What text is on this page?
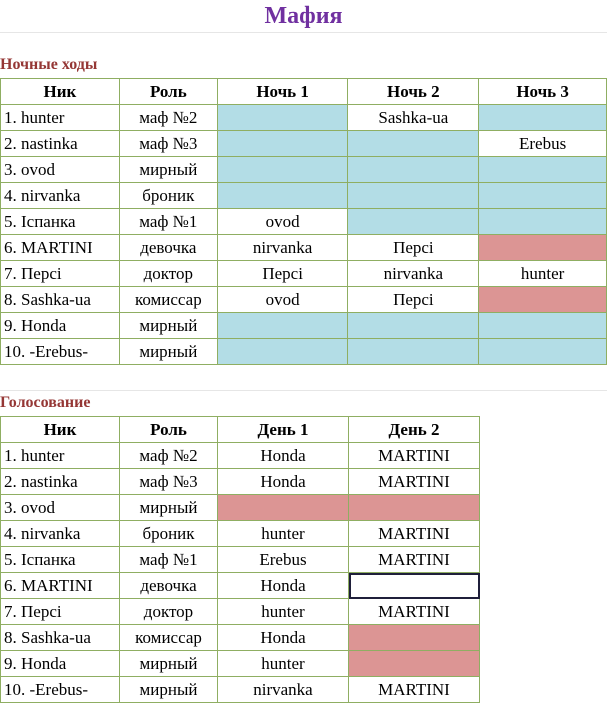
Мафия
Ночные ходы
Ник	Роль	Ночь 1	Ночь 2	Ночь 3
1. hunter	маф №2		Sashka-ua	
2. nastinka	маф №3			Erebus
3. ovod	мирный			
4. nirvanka	броник			
5. Іспанка	маф №1	ovod		
6. MARTINI	девочка	nirvanka	Персі	
7. Персі	доктор	Персі	nirvanka	hunter
8. Sashka-ua	комиссар	ovod	Персі	
9. Honda	мирный			
10. -Erebus-	мирный			
Голосование
Ник	Роль	День 1	День 2
1. hunter	маф №2	Honda	MARTINI
2. nastinka	маф №3	Honda	MARTINI
3. ovod	мирный		
4. nirvanka	броник	hunter	MARTINI
5. Іспанка	маф №1	Erebus	MARTINI
6. MARTINI	девочка	Honda	
7. Персі	доктор	hunter	MARTINI
8. Sashka-ua	комиссар	Honda	
9. Honda	мирный	hunter	
10. -Erebus-	мирный	nirvanka	MARTINI
